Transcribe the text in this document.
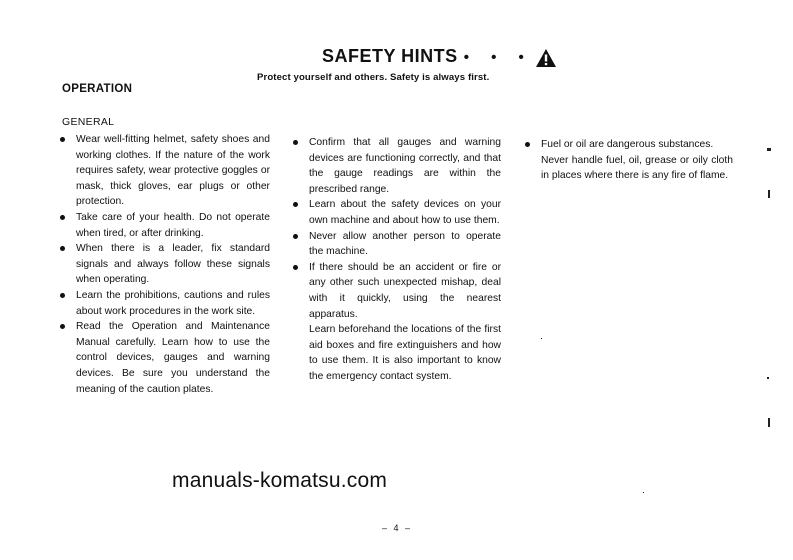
SAFETY HINTS • • •
Protect yourself and others. Safety is always first.
OPERATION
GENERAL
Wear well-fitting helmet, safety shoes and working clothes. If the nature of the work requires safety, wear protective goggles or mask, thick gloves, ear plugs or other protection.
Take care of your health. Do not operate when tired, or after drinking.
When there is a leader, fix standard signals and always follow these signals when operating.
Learn the prohibitions, cautions and rules about work procedures in the work site.
Read the Operation and Maintenance Manual carefully. Learn how to use the control devices, gauges and warning devices. Be sure you understand the meaning of the caution plates.
Confirm that all gauges and warning devices are functioning correctly, and that the gauge readings are within the prescribed range.
Learn about the safety devices on your own machine and about how to use them.
Never allow another person to operate the machine.
If there should be an accident or fire or any other such unexpected mishap, deal with it quickly, using the nearest apparatus.
Learn beforehand the locations of the first aid boxes and fire extinguishers and how to use them. It is also important to know the emergency contact system.
Fuel or oil are dangerous substances.
Never handle fuel, oil, grease or oily cloth in places where there is any fire of flame.
manuals-komatsu.com
– 4 –
